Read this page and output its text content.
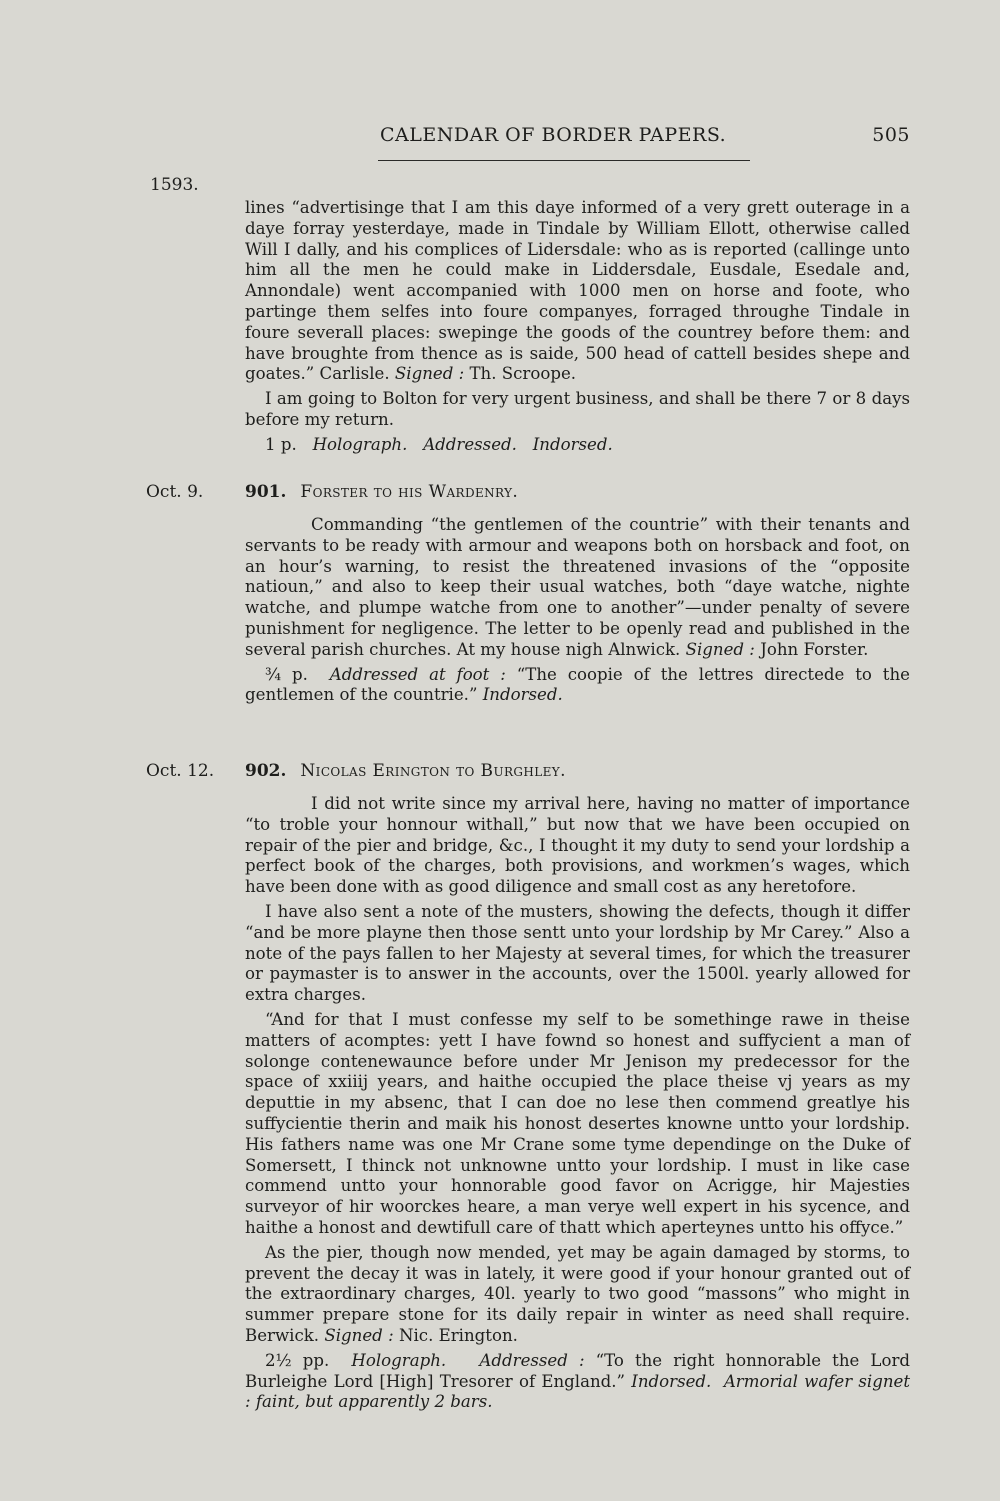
CALENDAR OF BORDER PAPERS.	505
1593.

lines “advertisinge that I am this daye informed of a very grett outerage in a daye forray yesterdaye, made in Tindale by William Ellott, otherwise called Will I dally, and his complices of Lidersdale: who as is reported (callinge unto him all the men he could make in Liddersdale, Eusdale, Esedale and, Annondale) went accompanied with 1000 men on horse and foote, who partinge them selfes into foure companyes, forraged throughe Tindale in foure severall places: swepinge the goods of the countrey before them: and have broughte from thence as is saide, 500 head of cattell besides shepe and goates.” Carlisle. Signed : Th. Scroope.

I am going to Bolton for very urgent business, and shall be there 7 or 8 days before my return.

1 p. Holograph. Addressed. Indorsed.

Oct. 9. 901. Forster to his Wardenry.

Commanding “the gentlemen of the countrie” with their tenants and servants to be ready with armour and weapons both on horsback and foot, on an hour’s warning, to resist the threatened invasions of the “opposite natioun,” and also to keep their usual watches, both “daye watche, nighte watche, and plumpe watche from one to another”—under penalty of severe punishment for negligence. The letter to be openly read and published in the several parish churches. At my house nigh Alnwick. Signed : John Forster.

¾ p. Addressed at foot : “The coopie of the lettres directede to the gentlemen of the countrie.” Indorsed.

Oct. 12. 902. Nicolas Erington to Burghley.

I did not write since my arrival here, having no matter of importance “to troble your honnour withall,” but now that we have been occupied on repair of the pier and bridge, &c., I thought it my duty to send your lordship a perfect book of the charges, both provisions, and workmen’s wages, which have been done with as good diligence and small cost as any heretofore.

I have also sent a note of the musters, showing the defects, though it differ “and be more playne then those sentt unto your lordship by Mr Carey.” Also a note of the pays fallen to her Majesty at several times, for which the treasurer or paymaster is to answer in the accounts, over the 1500l. yearly allowed for extra charges.

“And for that I must confesse my self to be somethinge rawe in theise matters of acomptes: yett I have fownd so honest and suffycient a man of solonge contenewaunce before under Mr Jenison my predecessor for the space of xxiiij years, and haithe occupied the place theise vj years as my deputtie in my absenc, that I can doe no lese then commend greatlye his suffycientie therin and maik his honost desertes knowne untto your lordship. His fathers name was one Mr Crane some tyme dependinge on the Duke of Somersett, I thinck not unknowne untto your lordship. I must in like case commend untto your honnorable good favor on Acrigge, hir Majesties surveyor of hir woorckes heare, a man verye well expert in his sycence, and haithe a honost and dewtifull care of thatt which aperteynes untto his offyce.”

As the pier, though now mended, yet may be again damaged by storms, to prevent the decay it was in lately, it were good if your honour granted out of the extraordinary charges, 40l. yearly to two good “massons” who might in summer prepare stone for its daily repair in winter as need shall require. Berwick. Signed : Nic. Erington.

2½ pp. Holograph. Addressed : “To the right honnorable the Lord Burleighe Lord [High] Tresorer of England.” Indorsed. Armorial wafer signet : faint, but apparently 2 bars.
